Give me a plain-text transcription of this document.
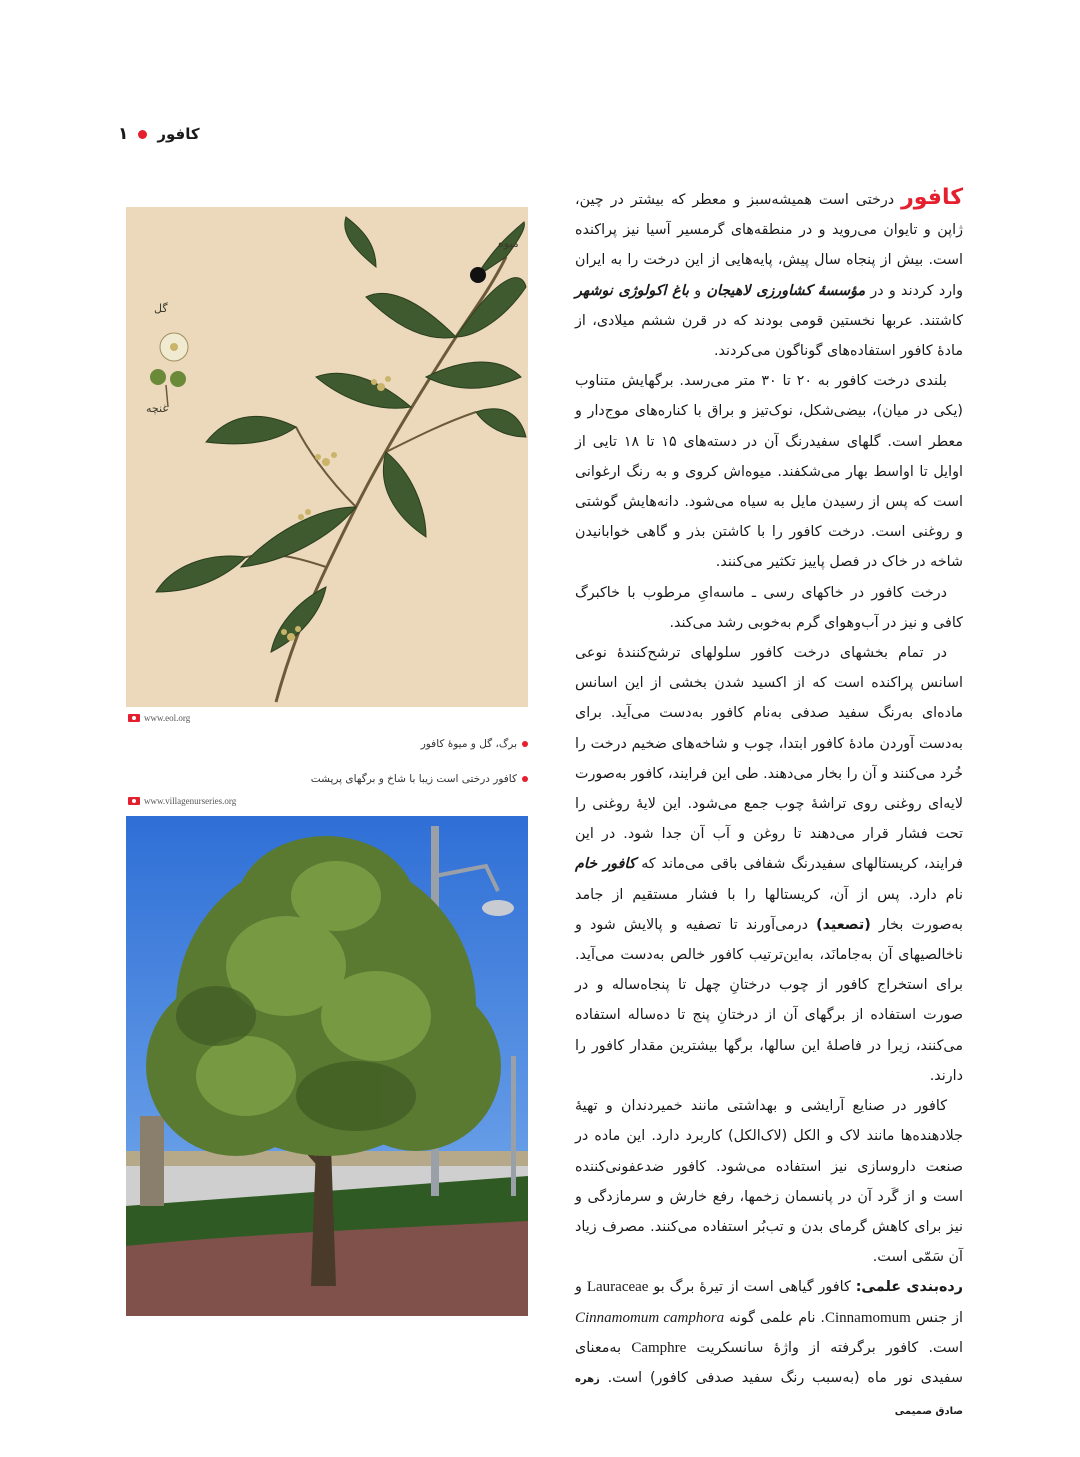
کافور
۱

کافور درختی است همیشه‌سبز و معطر که بیشتر در چین، ژاپن و تایوان می‌روید و در منطقه‌های گرمسیر آسیا نیز پراکنده است. بیش از پنجاه سال پیش، پایه‌هایی از این درخت را به ایران وارد کردند و در مؤسسهٔ کشاورزی لاهیجان و باغ اکولوژی نوشهر کاشتند. عربها نخستین قومی بودند که در قرن ششم میلادی، از مادهٔ کافور استفاده‌های گوناگون می‌کردند.

بلندی درخت کافور به ۲۰ تا ۳۰ متر می‌رسد. برگهایش متناوب (یکی در میان)، بیضی‌شکل، نوک‌تیز و براق با کناره‌های موج‌دار و معطر است. گلهای سفیدرنگ آن در دسته‌های ۱۵ تا ۱۸ تایی از اوایل تا اواسط بهار می‌شکفند. میوه‌اش کروی و به رنگ ارغوانی است که پس از رسیدن مایل به سیاه می‌شود. دانه‌هایش گوشتی و روغنی است. درخت کافور را با کاشتن بذر و گاهی خوابانیدن شاخه در خاک در فصل پاییز تکثیر می‌کنند.

درخت کافور در خاکهای رسی ـ ماسه‌ایِ مرطوب با خاکبرگ کافی و نیز در آب‌وهوای گرم به‌خوبی رشد می‌کند.

در تمام بخشهای درخت کافور سلولهای ترشح‌کنندهٔ نوعی اسانس پراکنده است که از اکسید شدن بخشی از این اسانس ماده‌ای به‌رنگ سفید صدفی به‌نام کافور به‌دست می‌آید. برای به‌دست آوردن مادهٔ کافور ابتدا، چوب و شاخه‌های ضخیم درخت را خُرد می‌کنند و آن را بخار می‌دهند. طی این فرایند، کافور به‌صورت لایه‌ای روغنی روی تراشهٔ چوب جمع می‌شود. این لایهٔ روغنی را تحت فشار قرار می‌دهند تا روغن و آب آن جدا شود. در این فرایند، کریستالهای سفیدرنگ شفافی باقی می‌ماند که کافور خام نام دارد. پس از آن، کریستالها را با فشار مستقیم از جامد به‌صورت بخار (تصعید) درمی‌آورند تا تصفیه و پالایش شود و ناخالصیهای آن به‌جامانَد، به‌این‌ترتیب کافور خالص به‌دست می‌آید. برای استخراج کافور از چوب درختانِ چهل تا پنجاه‌ساله و در صورت استفاده از برگهای آن از درختانِ پنج تا ده‌ساله استفاده می‌کنند، زیرا در فاصلهٔ این سالها، برگها بیشترین مقدار کافور را دارند.

کافور در صنایع آرایشی و بهداشتی مانند خمیردندان و تهیهٔ جلادهنده‌ها مانند لاک و الکل (لاک‌الکل) کاربرد دارد. این ماده در صنعت داروسازی نیز استفاده می‌شود. کافور ضدعفونی‌کننده است و از گَرد آن در پانسمان زخمها، رفع خارش و سرمازدگی و نیز برای کاهش گرمای بدن و تب‌بُر استفاده می‌کنند. مصرف زیاد آن سَمّی است.

رده‌بندی علمی: کافور گیاهی است از تیرهٔ برگ بو Lauraceae و از جنس Cinnamomum. نام علمی گونه Cinnamomum camphora است. کافور برگرفته از واژهٔ سانسکریت Camphre به‌معنای سفیدی نور ماه (به‌سبب رنگ سفید صدفی کافور) است. زهره صادق صمیمی

میوه
گل
غنچه
www.eol.org
برگ، گل و میوهٔ کافور
کافور درختی است زیبا با شاخ و برگهای پرپشت
www.villagenurseries.org
